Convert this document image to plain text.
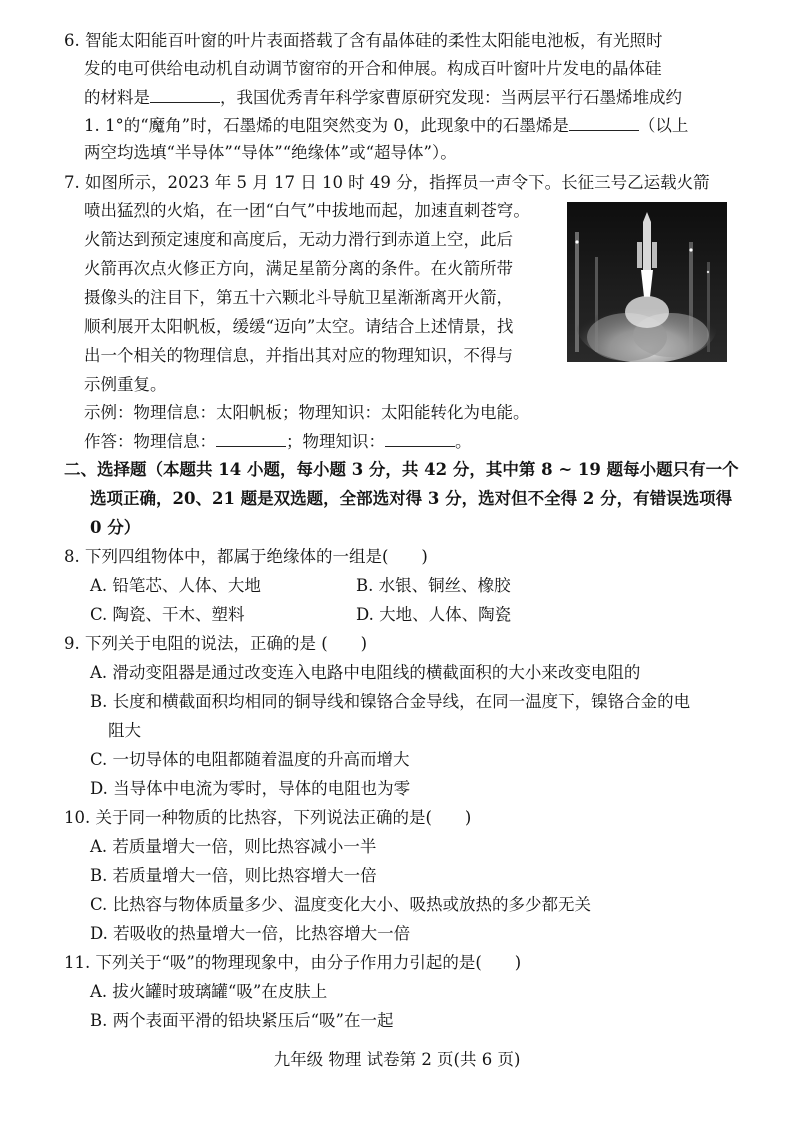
6. 智能太阳能百叶窗的叶片表面搭载了含有晶体硅的柔性太阳能电池板，有光照时
发的电可供给电动机自动调节窗帘的开合和伸展。构成百叶窗叶片发电的晶体硅
的材料是	，我国优秀青年科学家曹原研究发现：当两层平行石墨烯堆成约
1. 1°的“魔角”时，石墨烯的电阻突然变为 0，此现象中的石墨烯是	（以上
两空均选填“半导体”“导体”“绝缘体”或“超导体”）。
7. 如图所示，2023 年 5 月 17 日 10 时 49 分，指挥员一声令下。长征三号乙运载火箭
喷出猛烈的火焰，在一团“白气”中拔地而起，加速直刺苍穹。
火箭达到预定速度和高度后，无动力滑行到赤道上空，此后
火箭再次点火修正方向，满足星箭分离的条件。在火箭所带
摄像头的注目下，第五十六颗北斗导航卫星渐渐离开火箭，
顺利展开太阳帆板，缓缓“迈向”太空。请结合上述情景，找
出一个相关的物理信息，并指出其对应的物理知识，不得与
示例重复。
示例：物理信息：太阳帆板；物理知识：太阳能转化为电能。
作答：物理信息：	；物理知识：	。
二、选择题（本题共 14 小题，每小题 3 分，共 42 分，其中第 8 ~ 19 题每小题只有一个
选项正确，20、21 题是双选题，全部选对得 3 分，选对但不全得 2 分，有错误选项得
0 分）
8. 下列四组物体中，都属于绝缘体的一组是(　　)
A. 铅笔芯、人体、大地	B. 水银、铜丝、橡胶
C. 陶瓷、干木、塑料	D. 大地、人体、陶瓷
9. 下列关于电阻的说法，正确的是 (　　)
A. 滑动变阻器是通过改变连入电路中电阻线的横截面积的大小来改变电阻的
B. 长度和横截面积均相同的铜导线和镍铬合金导线，在同一温度下，镍铬合金的电
阻大
C. 一切导体的电阻都随着温度的升高而增大
D. 当导体中电流为零时，导体的电阻也为零
10. 关于同一种物质的比热容，下列说法正确的是(　　)
A. 若质量增大一倍，则比热容减小一半
B. 若质量增大一倍，则比热容增大一倍
C. 比热容与物体质量多少、温度变化大小、吸热或放热的多少都无关
D. 若吸收的热量增大一倍，比热容增大一倍
11. 下列关于“吸”的物理现象中，由分子作用力引起的是(　　)
A. 拔火罐时玻璃罐“吸”在皮肤上
B. 两个表面平滑的铅块紧压后“吸”在一起
九年级 物理 试卷第 2 页(共 6 页)
